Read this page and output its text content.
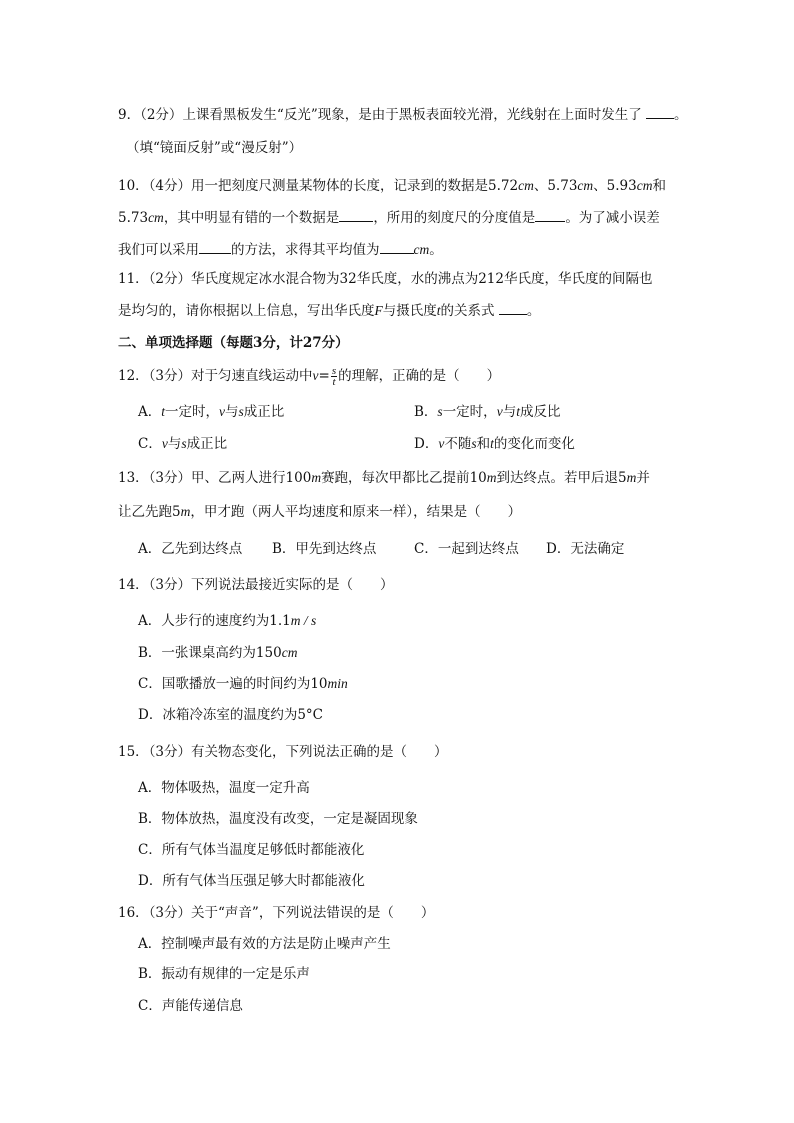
9．（2分）上课看黑板发生“反光”现象，是由于黑板表面较光滑，光线射在上面时发生了 。
（填“镜面反射”或“漫反射”）
10．（4分）用一把刻度尺测量某物体的长度，记录到的数据是5.72cm、5.73cm、5.93cm和
5.73cm，其中明显有错的一个数据是	，所用的刻度尺的分度值是 。为了减小误差
我们可以采用 的方法，求得其平均值为	cm。
11．（2分）华氏度规定冰水混合物为32华氏度，水的沸点为212华氏度，华氏度的间隔也
是均匀的，请你根据以上信息，写出华氏度F与摄氏度t的关系式 。
二、单项选择题（每题3分，计27分）
12．（3分）对于匀速直线运动中$v= \frac{s}{t}$ 的理解，正确的是（　　）
A．t一定时，v与s成正比	B．s一定时，v与t成反比
C．v与s成正比	D．v不随s和t的变化而变化
13．（3分）甲、乙两人进行100m赛跑，每次甲都比乙提前10m到达终点。若甲后退5m并
让乙先跑5m，甲才跑（两人平均速度和原来一样），结果是（　　）
A．乙先到达终点 B．甲先到达终点	C．一起到达终点 D．无法确定
14．（3分）下列说法最接近实际的是（　　）
A．人步行的速度约为1.1m / s
B．一张课桌高约为150cm
C．国歌播放一遍的时间约为10min
D．冰箱冷冻室的温度约为5°C
15．（3分）有关物态变化，下列说法正确的是（　　）
A．物体吸热，温度一定升高
B．物体放热，温度没有改变，一定是凝固现象
C．所有气体当温度足够低时都能液化
D．所有气体当压强足够大时都能液化
16．（3分）关于“声音”，下列说法错误的是（　　）
A．控制噪声最有效的方法是防止噪声产生
B．振动有规律的一定是乐声
C．声能传递信息
